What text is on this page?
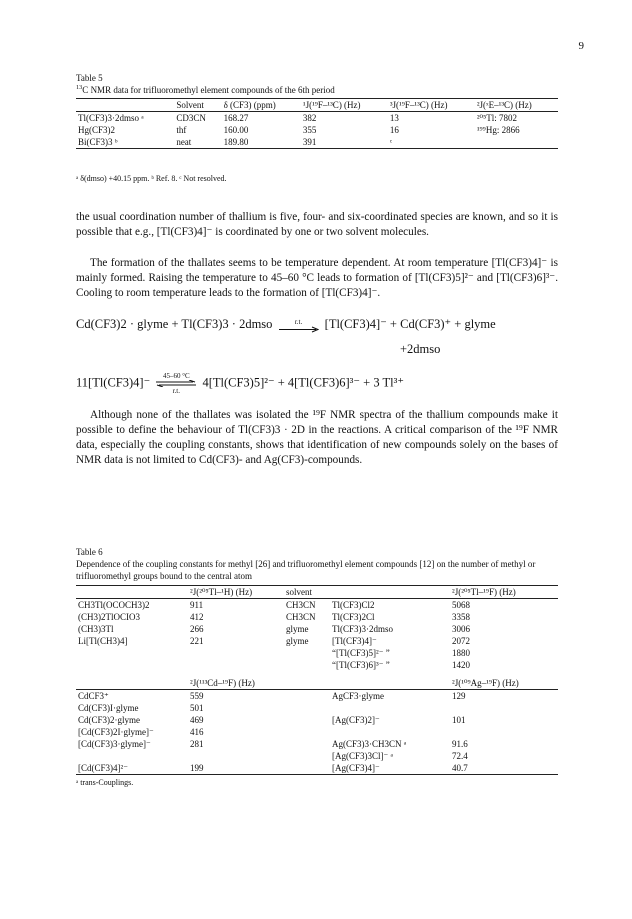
9
Table 5
$^{13}$C NMR data for trifluoromethyl element compounds of the 6th period
	Solvent	δ (CF3) (ppm)	¹J(¹⁹F–¹³C) (Hz)	³J(¹⁹F–¹³C) (Hz)	²J(ˣE–¹³C) (Hz)
Tl(CF3)3·2dmso ᵃ	CD3CN	168.27	382	13	²⁰⁵Tl: 7802
Hg(CF3)2	thf	160.00	355	16	¹⁹⁹Hg: 2866
Bi(CF3)3 ᵇ	neat	189.80	391	ᶜ	
ᵃ δ(dmso) +40.15 ppm. ᵇ Ref. 8. ᶜ Not resolved.
the usual coordination number of thallium is five, four- and six-coordinated species are known, and so it is possible that e.g., [Tl(CF3)4]⁻ is coordinated by one or two solvent molecules.
The formation of the thallates seems to be temperature dependent. At room temperature [Tl(CF3)4]⁻ is mainly formed. Raising the temperature to 45–60 °C leads to formation of [Tl(CF3)5]²⁻ and [Tl(CF3)6]³⁻. Cooling to room temperature leads to the formation of [Tl(CF3)4]⁻.
Cd(CF3)2 · glyme + Tl(CF3)3 · 2dmso	r.t. [Tl(CF3)4]⁻ + Cd(CF3)⁺ + glyme
+2dmso
11[Tl(CF3)4]⁻ 45–60 °C
r.t. 4[Tl(CF3)5]²⁻ + 4[Tl(CF3)6]³⁻ + 3 Tl³⁺
Although none of the thallates was isolated the ¹⁹F NMR spectra of the thallium compounds make it possible to define the behaviour of Tl(CF3)3 · 2D in the reactions. A critical comparison of the ¹⁹F NMR data, especially the coupling constants, shows that identification of new compounds solely on the bases of NMR data is not limited to Cd(CF3)- and Ag(CF3)-compounds.
Table 6
Dependence of the coupling constants for methyl [26] and trifluoromethyl element compounds [12] on the number of methyl or trifluoromethyl groups bound to the central atom
	²J(²⁰⁵Tl–¹H) (Hz)	solvent		²J(²⁰⁵Tl–¹⁹F) (Hz)
CH3Tl(OCOCH3)2	911	CH3CN	Tl(CF3)Cl2	5068
(CH3)2TlOCIO3	412	CH3CN	Tl(CF3)2Cl	3358
(CH3)3Tl	266	glyme	Tl(CF3)3·2dmso	3006
Li[Tl(CH3)4]	221	glyme	[Tl(CF3)4]⁻	2072
			“[Tl(CF3)5]²⁻ ”	1880
			“[Tl(CF3)6]³⁻ ”	1420
	²J(¹¹³Cd–¹⁹F) (Hz)			²J(¹⁰⁹Ag–¹⁹F) (Hz)
CdCF3⁺	559		AgCF3·glyme	129
Cd(CF3)I·glyme	501			
Cd(CF3)2·glyme	469		[Ag(CF3)2]⁻	101
[Cd(CF3)2I·glyme]⁻	416			
[Cd(CF3)3·glyme]⁻	281		Ag(CF3)3·CH3CN ᵃ	91.6
			[Ag(CF3)3Cl]⁻ ᵃ	72.4
[Cd(CF3)4]²⁻	199		[Ag(CF3)4]⁻	40.7
ᵃ trans-Couplings.
